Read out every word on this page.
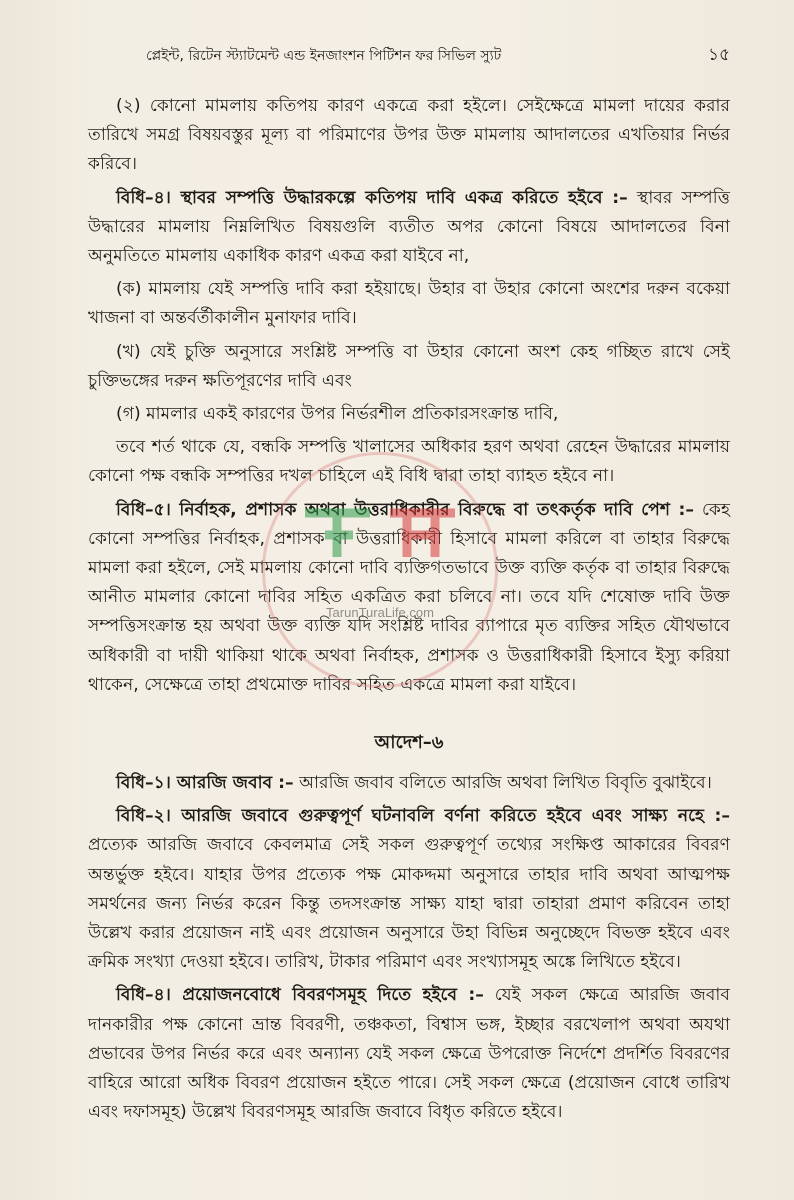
প্লেইন্ট, রিটেন স্ট্যাটমেন্ট এন্ড ইনজাংশন পিটিশন ফর সিভিল স্যুট	১৫

(২) কোনো মামলায় কতিপয় কারণ একত্রে করা হইলে। সেইক্ষেত্রে মামলা দায়ের করার তারিখে সমগ্র বিষয়বস্তুর মূল্য বা পরিমাণের উপর উক্ত মামলায় আদালতের এখতিয়ার নির্ভর করিবে।

বিধি–৪। স্থাবর সম্পত্তি উদ্ধারকল্পে কতিপয় দাবি একত্র করিতে হইবে :– স্থাবর সম্পত্তি উদ্ধারের মামলায় নিম্নলিখিত বিষয়গুলি ব্যতীত অপর কোনো বিষয়ে আদালতের বিনা অনুমতিতে মামলায় একাধিক কারণ একত্র করা যাইবে না,

(ক) মামলায় যেই সম্পত্তি দাবি করা হইয়াছে। উহার বা উহার কোনো অংশের দরুন বকেয়া খাজনা বা অন্তর্বর্তীকালীন মুনাফার দাবি।

(খ) যেই চুক্তি অনুসারে সংশ্লিষ্ট সম্পত্তি বা উহার কোনো অংশ কেহ গচ্ছিত রাখে সেই চুক্তিভঙ্গের দরুন ক্ষতিপূরণের দাবি এবং

(গ) মামলার একই কারণের উপর নির্ভরশীল প্রতিকারসংক্রান্ত দাবি,

তবে শর্ত থাকে যে, বন্ধকি সম্পত্তি খালাসের অধিকার হরণ অথবা রেহেন উদ্ধারের মামলায় কোনো পক্ষ বন্ধকি সম্পত্তির দখল চাহিলে এই বিধি দ্বারা তাহা ব্যাহত হইবে না।

বিধি–৫। নির্বাহক, প্রশাসক অথবা উত্তরাধিকারীর বিরুদ্ধে বা তৎকর্তৃক দাবি পেশ :– কেহ কোনো সম্পত্তির নির্বাহক, প্রশাসক বা উত্তরাধিকারী হিসাবে মামলা করিলে বা তাহার বিরুদ্ধে মামলা করা হইলে, সেই মামলায় কোনো দাবি ব্যক্তিগতভাবে উক্ত ব্যক্তি কর্তৃক বা তাহার বিরুদ্ধে আনীত মামলার কোনো দাবির সহিত একত্রিত করা চলিবে না। তবে যদি শেষোক্ত দাবি উক্ত সম্পত্তিসংক্রান্ত হয় অথবা উক্ত ব্যক্তি যদি সংশ্লিষ্ট দাবির ব্যাপারে মৃত ব্যক্তির সহিত যৌথভাবে অধিকারী বা দায়ী থাকিয়া থাকে অথবা নির্বাহক, প্রশাসক ও উত্তরাধিকারী হিসাবে ইস্যু করিয়া থাকেন, সেক্ষেত্রে তাহা প্রথমোক্ত দাবির সহিত একত্রে মামলা করা যাইবে।

আদেশ–৬

বিধি–১। আরজি জবাব :– আরজি জবাব বলিতে আরজি অথবা লিখিত বিবৃতি বুঝাইবে।

বিধি–২। আরজি জবাবে গুরুত্বপূর্ণ ঘটনাবলি বর্ণনা করিতে হইবে এবং সাক্ষ্য নহে :– প্রত্যেক আরজি জবাবে কেবলমাত্র সেই সকল গুরুত্বপূর্ণ তথ্যের সংক্ষিপ্ত আকারের বিবরণ অন্তর্ভুক্ত হইবে। যাহার উপর প্রত্যেক পক্ষ মোকদ্দমা অনুসারে তাহার দাবি অথবা আত্মপক্ষ সমর্থনের জন্য নির্ভর করেন কিন্তু তদসংক্রান্ত সাক্ষ্য যাহা দ্বারা তাহারা প্রমাণ করিবেন তাহা উল্লেখ করার প্রয়োজন নাই এবং প্রয়োজন অনুসারে উহা বিভিন্ন অনুচ্ছেদে বিভক্ত হইবে এবং ক্রমিক সংখ্যা দেওয়া হইবে। তারিখ, টাকার পরিমাণ এবং সংখ্যাসমূহ অঙ্কে লিখিতে হইবে।

বিধি–৪। প্রয়োজনবোধে বিবরণসমূহ দিতে হইবে :– যেই সকল ক্ষেত্রে আরজি জবাব দানকারীর পক্ষ কোনো ভ্রান্ত বিবরণী, তঞ্চকতা, বিশ্বাস ভঙ্গ, ইচ্ছার বরখেলাপ অথবা অযথা প্রভাবের উপর নির্ভর করে এবং অন্যান্য যেই সকল ক্ষেত্রে উপরোক্ত নির্দেশে প্রদর্শিত বিবরণের বাহিরে আরো অধিক বিবরণ প্রয়োজন হইতে পারে। সেই সকল ক্ষেত্রে (প্রয়োজন বোধে তারিখ এবং দফাসমূহ) উল্লেখ বিবরণসমূহ আরজি জবাবে বিধৃত করিতে হইবে।

TarunTuraLife.com
